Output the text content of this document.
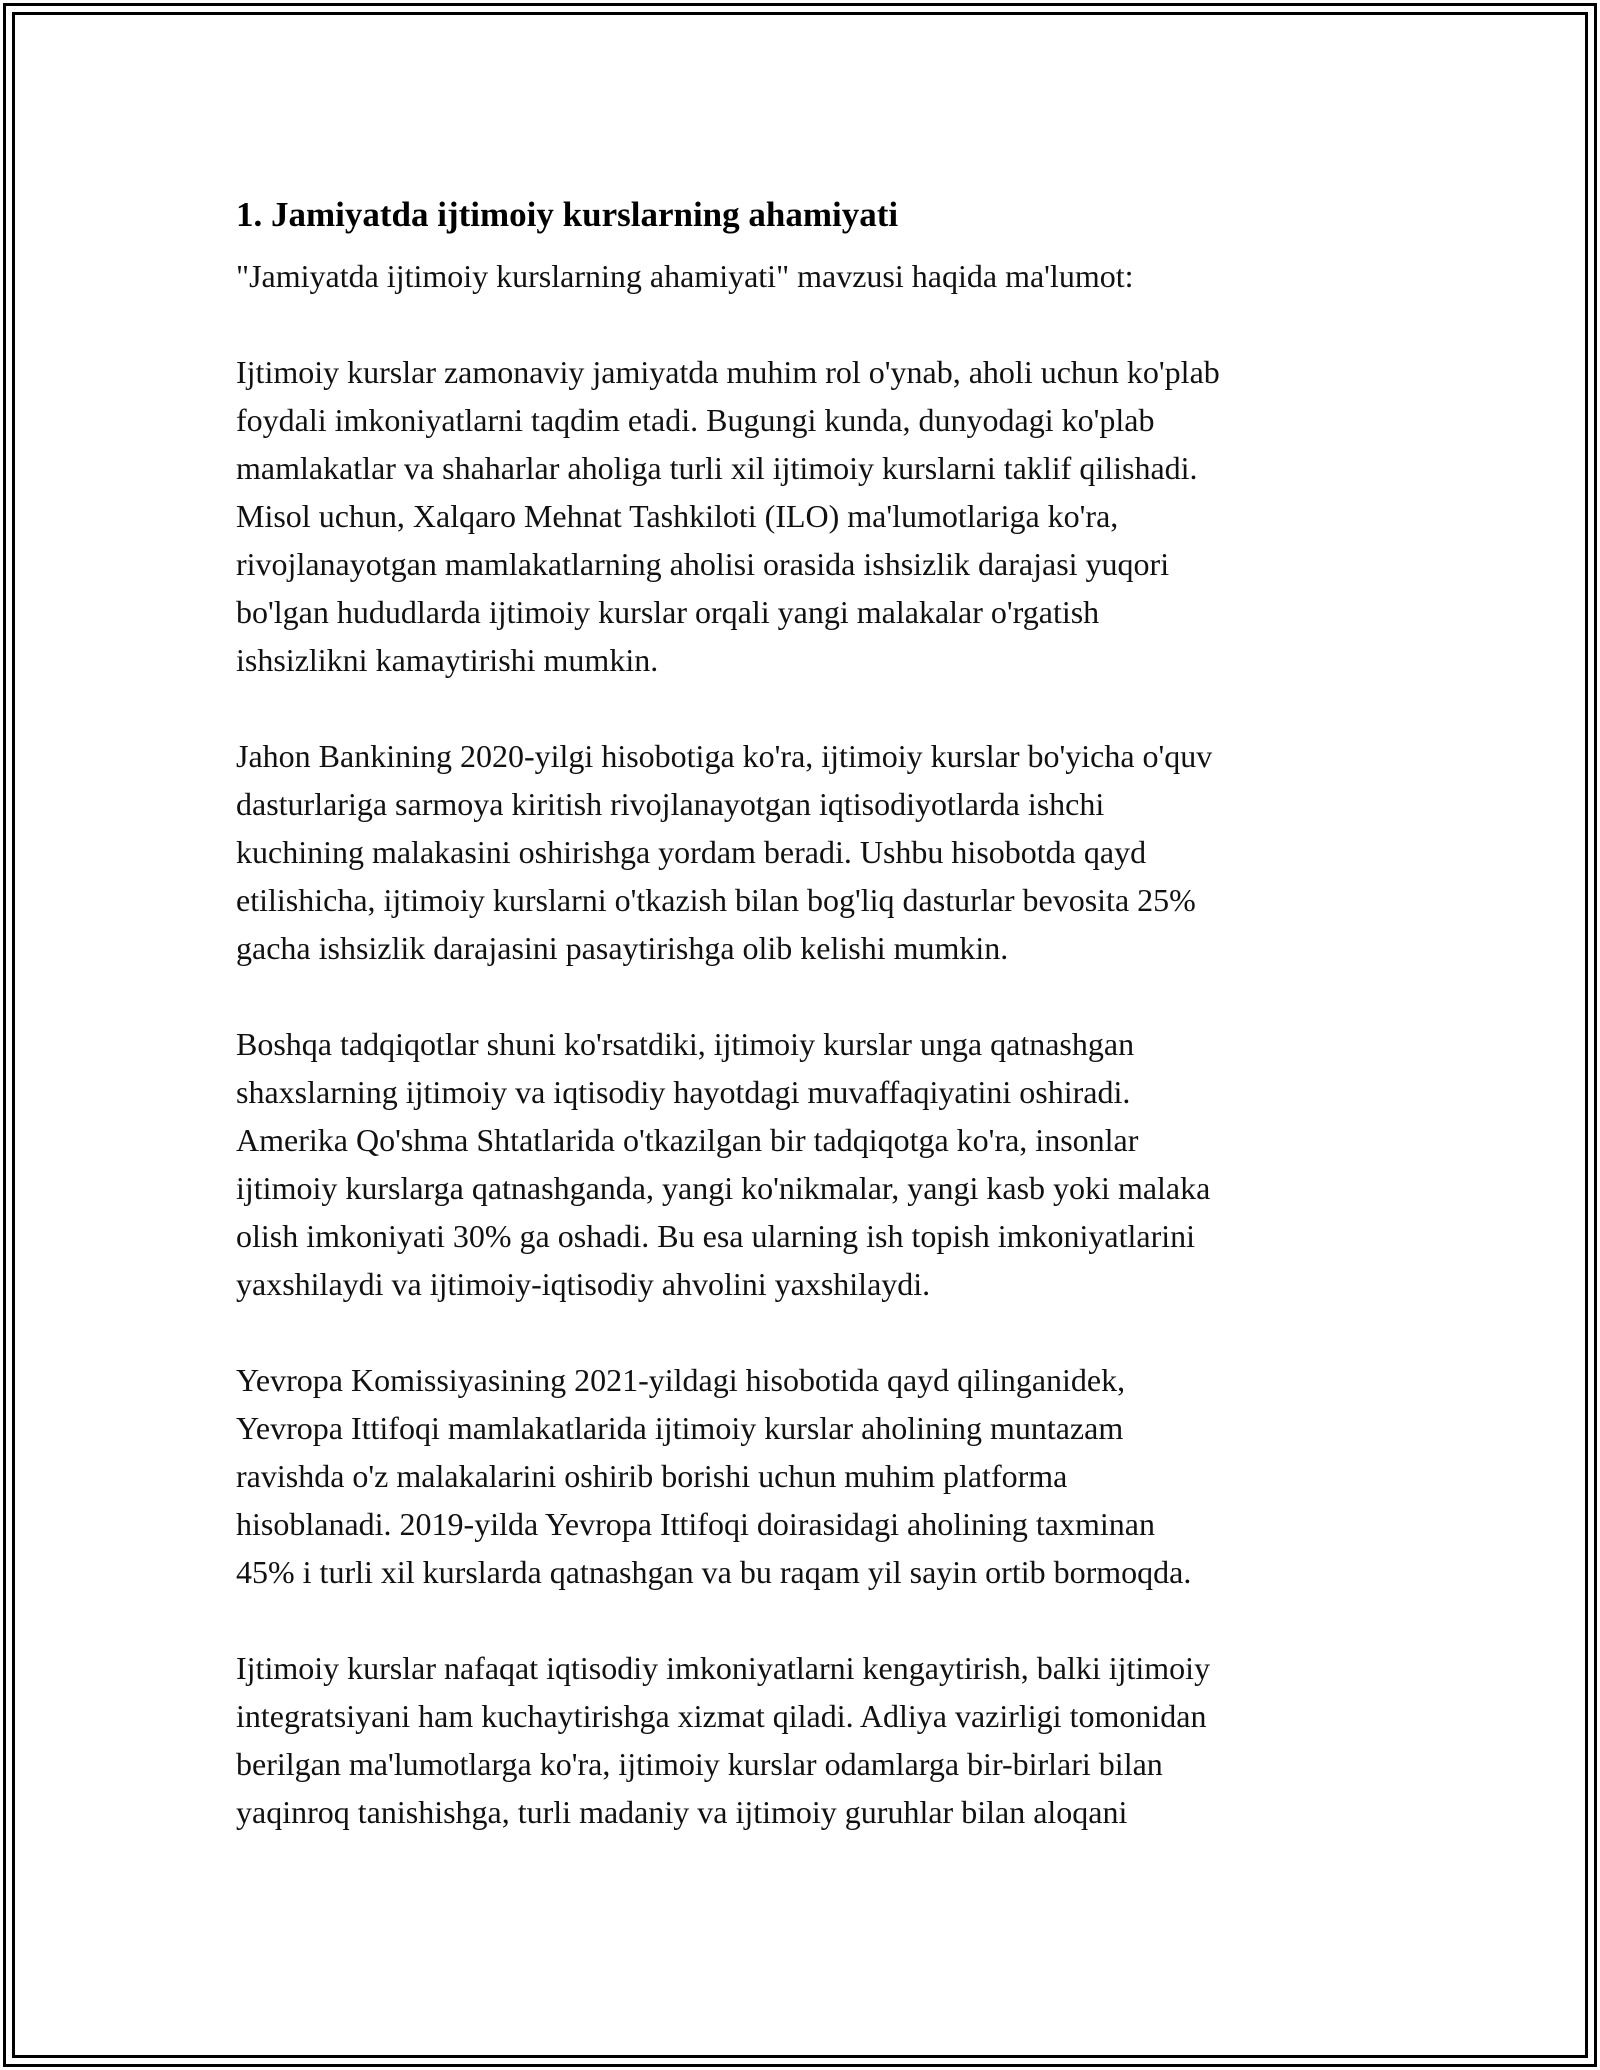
1. Jamiyatda ijtimoiy kurslarning ahamiyati

"Jamiyatda ijtimoiy kurslarning ahamiyati" mavzusi haqida ma'lumot:

Ijtimoiy kurslar zamonaviy jamiyatda muhim rol o'ynab, aholi uchun ko'plab
foydali imkoniyatlarni taqdim etadi. Bugungi kunda, dunyodagi ko'plab
mamlakatlar va shaharlar aholiga turli xil ijtimoiy kurslarni taklif qilishadi.
Misol uchun, Xalqaro Mehnat Tashkiloti (ILO) ma'lumotlariga ko'ra,
rivojlanayotgan mamlakatlarning aholisi orasida ishsizlik darajasi yuqori
bo'lgan hududlarda ijtimoiy kurslar orqali yangi malakalar o'rgatish
ishsizlikni kamaytirishi mumkin.

Jahon Bankining 2020-yilgi hisobotiga ko'ra, ijtimoiy kurslar bo'yicha o'quv
dasturlariga sarmoya kiritish rivojlanayotgan iqtisodiyotlarda ishchi
kuchining malakasini oshirishga yordam beradi. Ushbu hisobotda qayd
etilishicha, ijtimoiy kurslarni o'tkazish bilan bog'liq dasturlar bevosita 25%
gacha ishsizlik darajasini pasaytirishga olib kelishi mumkin.

Boshqa tadqiqotlar shuni ko'rsatdiki, ijtimoiy kurslar unga qatnashgan
shaxslarning ijtimoiy va iqtisodiy hayotdagi muvaffaqiyatini oshiradi.
Amerika Qo'shma Shtatlarida o'tkazilgan bir tadqiqotga ko'ra, insonlar
ijtimoiy kurslarga qatnashganda, yangi ko'nikmalar, yangi kasb yoki malaka
olish imkoniyati 30% ga oshadi. Bu esa ularning ish topish imkoniyatlarini
yaxshilaydi va ijtimoiy-iqtisodiy ahvolini yaxshilaydi.

Yevropa Komissiyasining 2021-yildagi hisobotida qayd qilinganidek,
Yevropa Ittifoqi mamlakatlarida ijtimoiy kurslar aholining muntazam
ravishda o'z malakalarini oshirib borishi uchun muhim platforma
hisoblanadi. 2019-yilda Yevropa Ittifoqi doirasidagi aholining taxminan
45% i turli xil kurslarda qatnashgan va bu raqam yil sayin ortib bormoqda.

Ijtimoiy kurslar nafaqat iqtisodiy imkoniyatlarni kengaytirish, balki ijtimoiy
integratsiyani ham kuchaytirishga xizmat qiladi. Adliya vazirligi tomonidan
berilgan ma'lumotlarga ko'ra, ijtimoiy kurslar odamlarga bir-birlari bilan
yaqinroq tanishishga, turli madaniy va ijtimoiy guruhlar bilan aloqani
